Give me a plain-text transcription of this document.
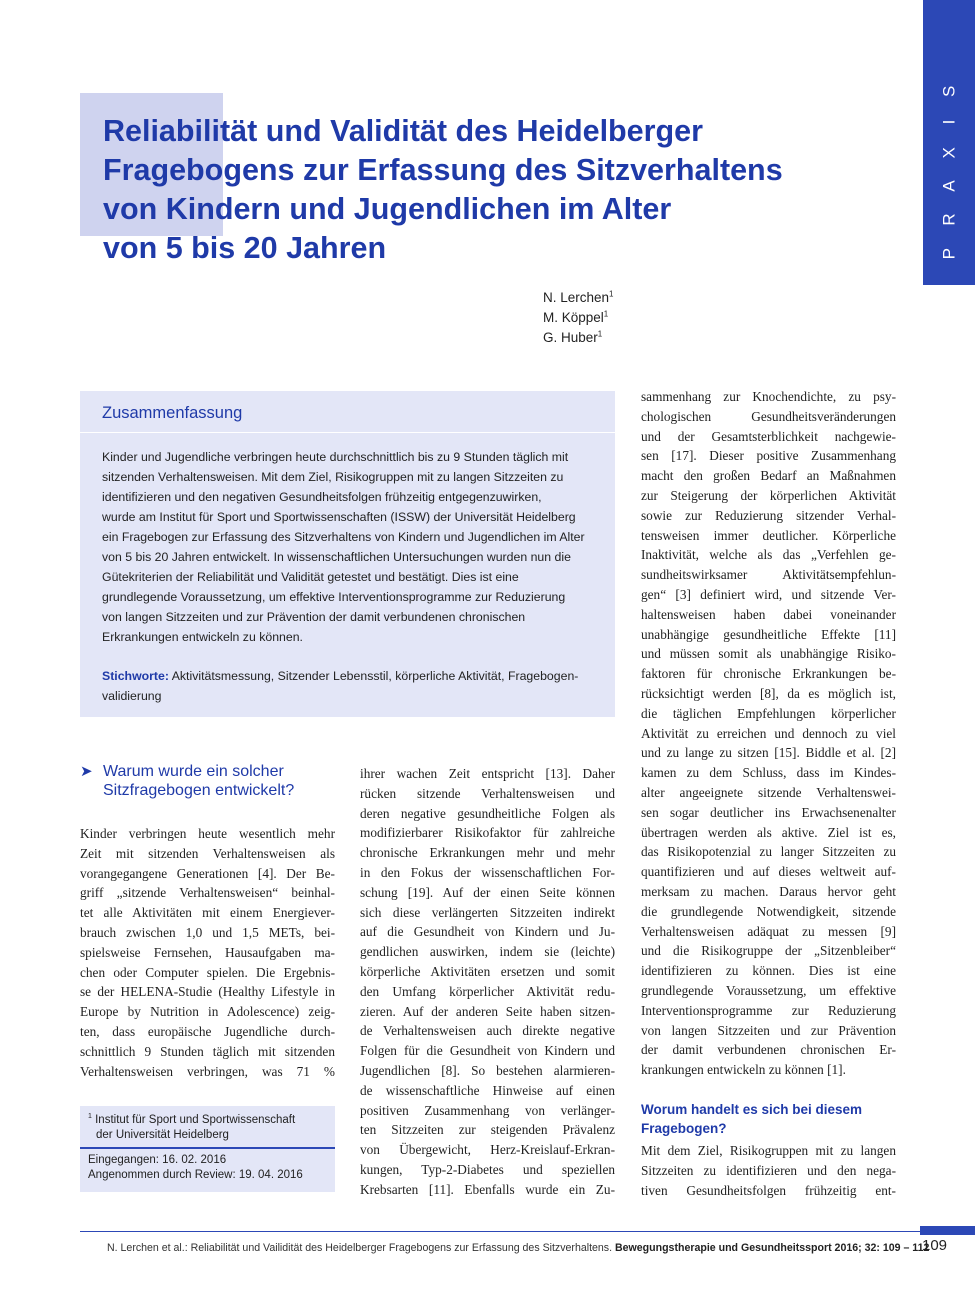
Reliabilität und Validität des Heidelberger
Fragebogens zur Erfassung des Sitzverhaltens
von Kindern und Jugendlichen im Alter
von 5 bis 20 Jahren	P R A X I S
N. Lerchen$^1$
M. Köppel$^1$
G. Huber$^1$
Zusammenfassung
Kinder und Jugendliche verbringen heute durchschnittlich bis zu 9 Stunden täglich mit
sitzenden Verhaltensweisen. Mit dem Ziel, Risikogruppen mit zu langen Sitzzeiten zu
identifizieren und den negativen Gesundheitsfolgen frühzeitig entgegenzuwirken,
wurde am Institut für Sport und Sportwissenschaften (ISSW) der Universität Heidelberg
ein Fragebogen zur Erfassung des Sitzverhaltens von Kindern und Jugendlichen im Alter
von 5 bis 20 Jahren entwickelt. In wissenschaftlichen Untersuchungen wurden nun die
Gütekriterien der Reliabilität und Validität getestet und bestätigt. Dies ist eine
grundlegende Voraussetzung, um effektive Interventionsprogramme zur Reduzierung
von langen Sitzzeiten und zur Prävention der damit verbundenen chronischen
Erkrankungen entwickeln zu können.
Stichworte: Aktivitätsmessung, Sitzender Lebensstil, körperliche Aktivität, Fragebogen-
validierung
➤ Warum wurde ein solcher
Sitzfragebogen entwickelt?
Kinder verbringen heute wesentlich mehr
Zeit mit sitzenden Verhaltensweisen als
vorangegangene Generationen [4]. Der Be-
griff „sitzende Verhaltensweisen“ beinhal-
tet alle Aktivitäten mit einem Energiever-
brauch zwischen 1,0 und 1,5 METs, bei-
spielsweise Fernsehen, Hausaufgaben ma-
chen oder Computer spielen. Die Ergebnis-
se der HELENA-Studie (Healthy Lifestyle in
Europe by Nutrition in Adolescence) zeig-
ten, dass europäische Jugendliche durch-
schnittlich 9 Stunden täglich mit sitzenden
Verhaltensweisen verbringen, was 71 %
ihrer wachen Zeit entspricht [13]. Daher
rücken sitzende Verhaltensweisen und
deren negative gesundheitliche Folgen als
modifizierbarer Risikofaktor für zahlreiche
chronische Erkrankungen mehr und mehr
in den Fokus der wissenschaftlichen For-
schung [19]. Auf der einen Seite können
sich diese verlängerten Sitzzeiten indirekt
auf die Gesundheit von Kindern und Ju-
gendlichen auswirken, indem sie (leichte)
körperliche Aktivitäten ersetzen und somit
den Umfang körperlicher Aktivität redu-
zieren. Auf der anderen Seite haben sitzen-
de Verhaltensweisen auch direkte negative
Folgen für die Gesundheit von Kindern und
Jugendlichen [8]. So bestehen alarmieren-
de wissenschaftliche Hinweise auf einen
positiven Zusammenhang von verlänger-
ten Sitzzeiten zur steigenden Prävalenz
von Übergewicht, Herz-Kreislauf-Erkran-
kungen, Typ-2-Diabetes und speziellen
Krebsarten [11]. Ebenfalls wurde ein Zu-
sammenhang zur Knochendichte, zu psy-
chologischen Gesundheitsveränderungen
und der Gesamtsterblichkeit nachgewie-
sen [17]. Dieser positive Zusammenhang
macht den großen Bedarf an Maßnahmen
zur Steigerung der körperlichen Aktivität
sowie zur Reduzierung sitzender Verhal-
tensweisen immer deutlicher. Körperliche
Inaktivität, welche als das „Verfehlen ge-
sundheitswirksamer Aktivitätsempfehlun-
gen“ [3] definiert wird, und sitzende Ver-
haltensweisen haben dabei voneinander
unabhängige gesundheitliche Effekte [11]
und müssen somit als unabhängige Risiko-
faktoren für chronische Erkrankungen be-
rücksichtigt werden [8], da es möglich ist,
die täglichen Empfehlungen körperlicher
Aktivität zu erreichen und dennoch zu viel
und zu lange zu sitzen [15]. Biddle et al. [2]
kamen zu dem Schluss, dass im Kindes-
alter angeeignete sitzende Verhaltenswei-
sen sogar deutlicher ins Erwachsenenalter
übertragen werden als aktive. Ziel ist es,
das Risikopotenzial zu langer Sitzzeiten zu
quantifizieren und auf dieses weltweit auf-
merksam zu machen. Daraus hervor geht
die grundlegende Notwendigkeit, sitzende
Verhaltensweisen adäquat zu messen [9]
und die Risikogruppe der „Sitzenbleiber“
identifizieren zu können. Dies ist eine
grundlegende Voraussetzung, um effektive
Interventionsprogramme zur Reduzierung
von langen Sitzzeiten und zur Prävention
der damit verbundenen chronischen Er-
krankungen entwickeln zu können [1].
Worum handelt es sich bei diesem
Fragebogen?
Mit dem Ziel, Risikogruppen mit zu langen
Sitzzeiten zu identifizieren und den nega-
tiven Gesundheitsfolgen frühzeitig ent-
$^1$ Institut für Sport und Sportwissenschaft
der Universität Heidelberg
Eingegangen: 16. 02. 2016
Angenommen durch Review: 19. 04. 2016
N. Lerchen et al.: Reliabilität und Vailidität des Heidelberger Fragebogens zur Erfassung des Sitzverhaltens. Bewegungstherapie und Gesundheitssport 2016; 32: 109 – 112
109
